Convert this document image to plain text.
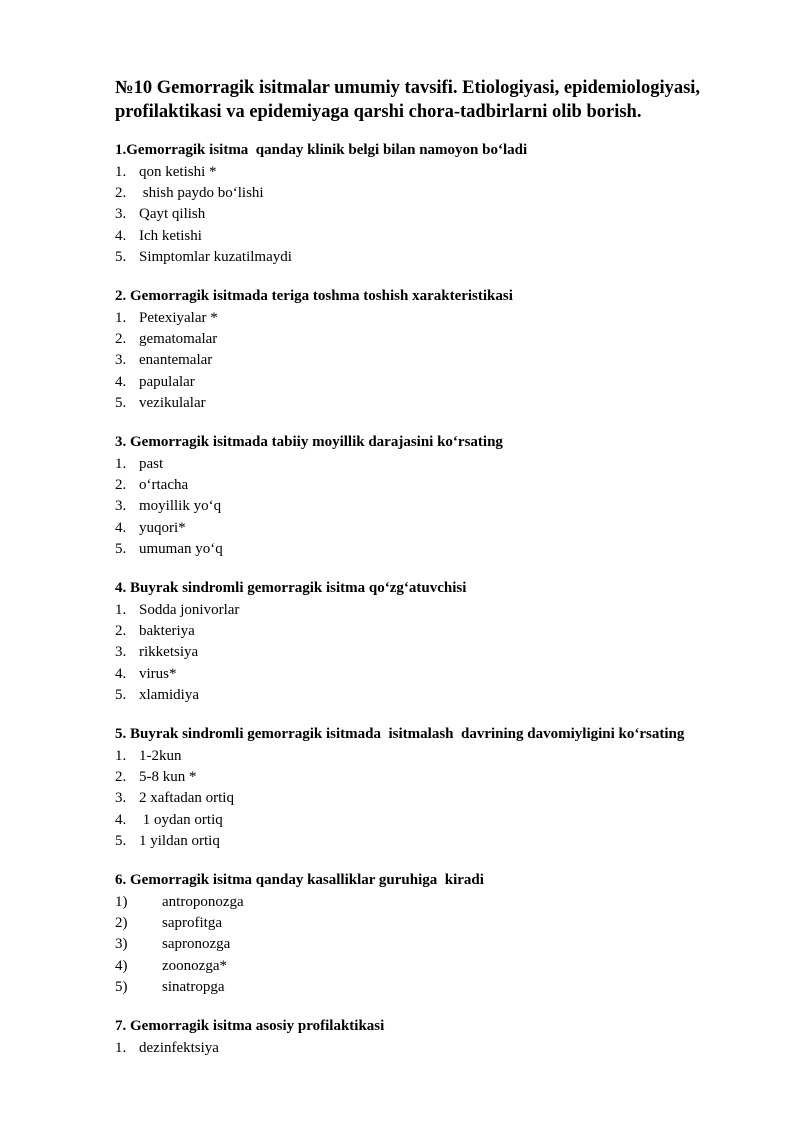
№10 Gemorragik isitmalar umumiy tavsifi. Etiologiyasi, epidemiologiyasi, profilaktikasi va epidemiyaga qarshi chora-tadbirlarni olib borish.

1.Gemorragik isitma  qanday klinik belgi bilan namoyon bo‘ladi

1. qon ketishi *
2. shish paydo bo‘lishi
3. Qayt qilish
4. Ich ketishi
5. Simptomlar kuzatilmaydi

2. Gemorragik isitmada teriga toshma toshish xarakteristikasi

1. Petexiyalar *
2. gematomalar
3. enantemalar
4. papulalar
5. vezikulalar

3. Gemorragik isitmada tabiiy moyillik darajasini ko‘rsating

1. past
2. o‘rtacha
3. moyillik yo‘q
4. yuqori*
5. umuman yo‘q

4. Buyrak sindromli gemorragik isitma qo‘zg‘atuvchisi

1. Sodda jonivorlar
2. bakteriya
3. rikketsiya
4. virus*
5. xlamidiya

5. Buyrak sindromli gemorragik isitmada  isitmalash  davrining davomiyligini ko‘rsating

1. 1-2kun
2. 5-8 kun *
3. 2 xaftadan ortiq
4. 1 oydan ortiq
5. 1 yildan ortiq

6. Gemorragik isitma qanday kasalliklar guruhiga  kiradi

1)	antroponozga
2)	saprofitga
3)	sapronozga
4)	zoonozga*
5)	sinatropga

7. Gemorragik isitma asosiy profilaktikasi

1. dezinfektsiya
